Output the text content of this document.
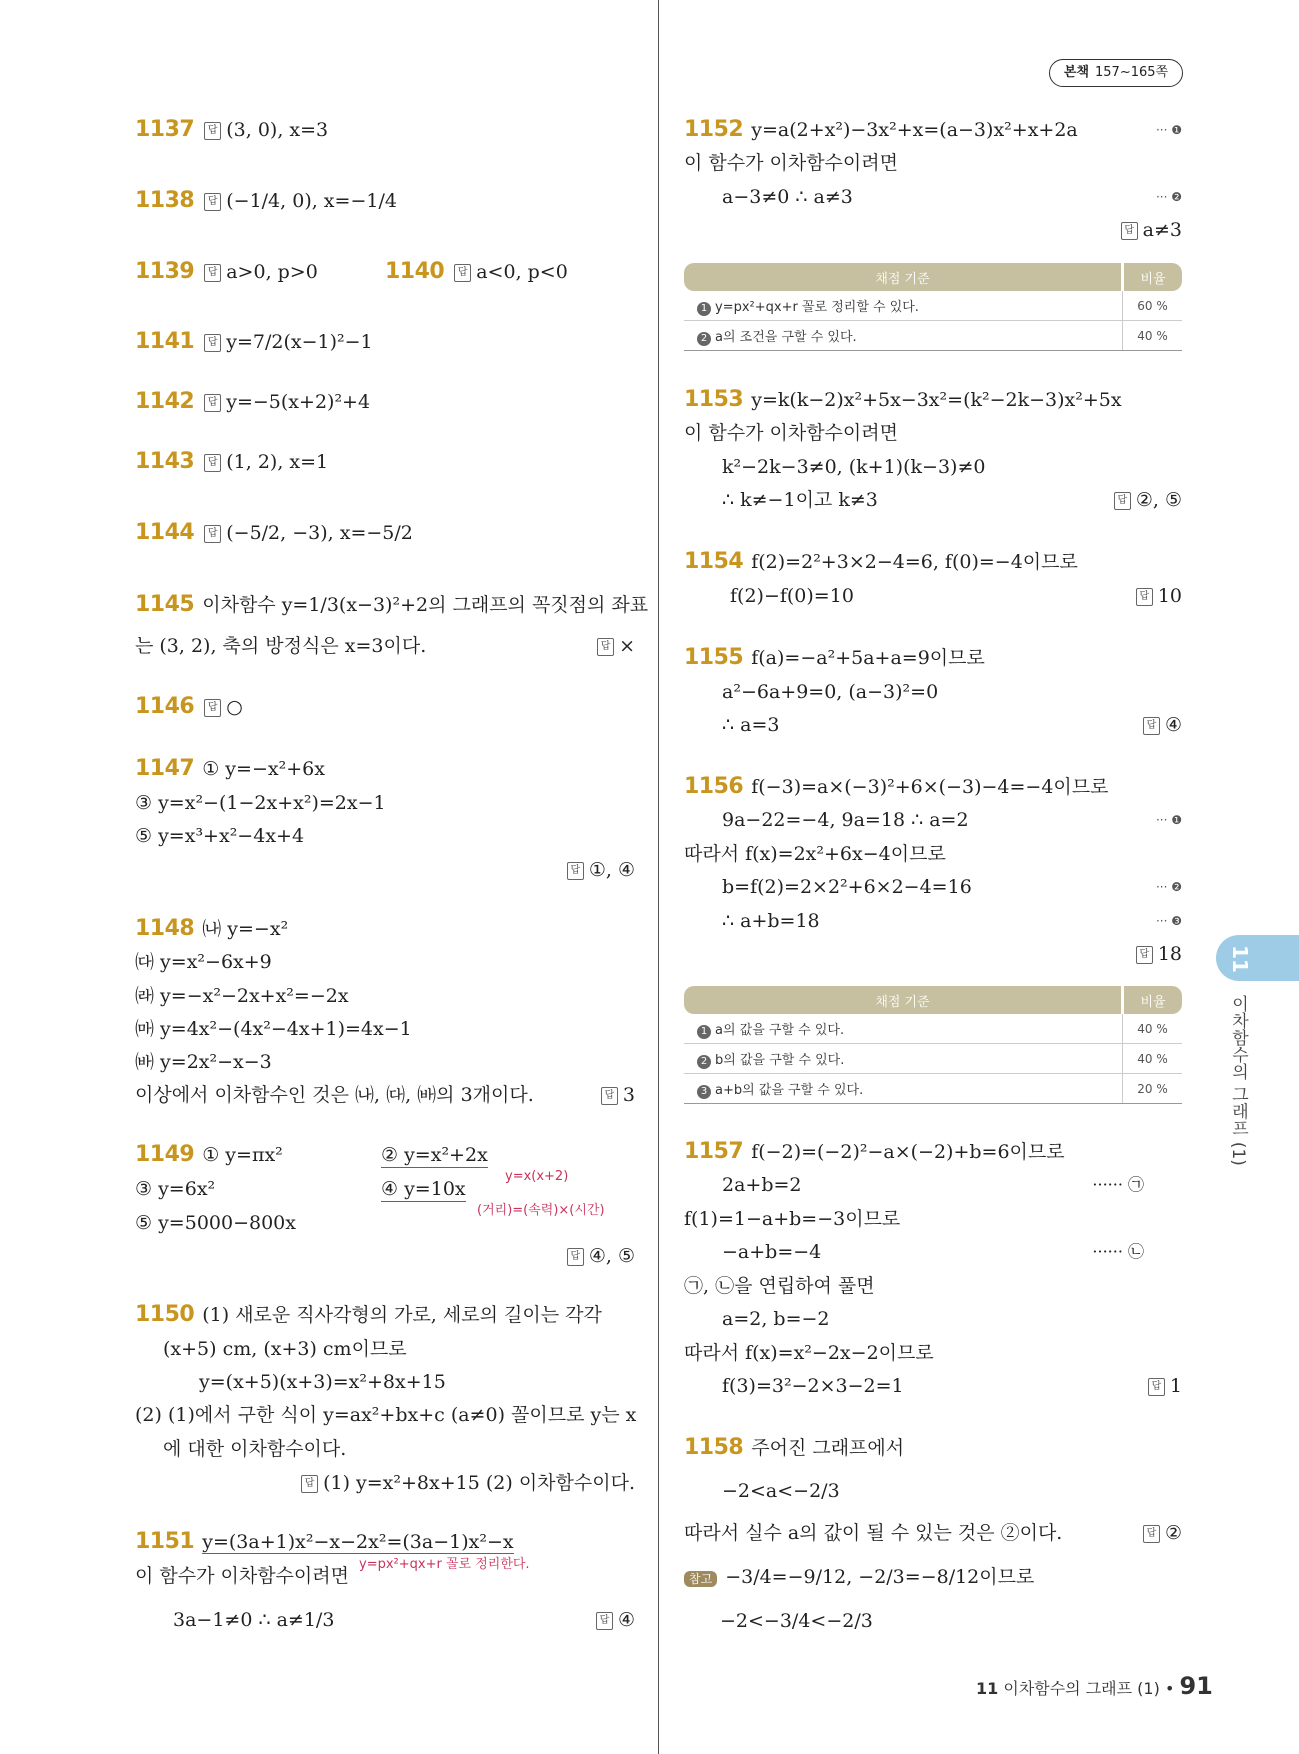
본책 157~165쪽
1137 답 (3, 0), x=3
1138 답 (−1/4, 0), x=−1/4
1139 답 a>0, p>0	1140 답 a<0, p<0
1141 답 y=7/2(x−1)²−1
1142 답 y=−5(x+2)²+4
1143 답 (1, 2), x=1
1144 답 (−5/2, −3), x=−5/2
1145 이차함수 y=1/3(x−3)²+2의 그래프의 꼭짓점의 좌표
는 (3, 2), 축의 방정식은 x=3이다.	답 ×
1146 답 ○
1147 ① y=−x²+6x
③ y=x²−(1−2x+x²)=2x−1
⑤ y=x³+x²−4x+4
답 ①, ④
1148 ㈏ y=−x²
㈐ y=x²−6x+9
㈑ y=−x²−2x+x²=−2x
㈒ y=4x²−(4x²−4x+1)=4x−1
㈓ y=2x²−x−3
이상에서 이차함수인 것은 ㈏, ㈐, ㈓의 3개이다.	답 3
1149 ① y=πx²	② y=x²+2x
y=x(x+2)
③ y=6x²	④ y=10x
(거리)=(속력)×(시간)
⑤ y=5000−800x
답 ④, ⑤
1150 (1) 새로운 직사각형의 가로, 세로의 길이는 각각
(x+5) cm, (x+3) cm이므로
y=(x+5)(x+3)=x²+8x+15
(2) (1)에서 구한 식이 y=ax²+bx+c (a≠0) 꼴이므로 y는 x
에 대한 이차함수이다.
답 (1) y=x²+8x+15 (2) 이차함수이다.
1151 y=(3a+1)x²−x−2x²=(3a−1)x²−x
y=px²+qx+r 꼴로 정리한다.
이 함수가 이차함수이려면
3a−1≠0 ∴ a≠1/3	답 ④
1152 y=a(2+x²)−3x²+x=(a−3)x²+x+2a	··· ❶
이 함수가 이차함수이려면
a−3≠0 ∴ a≠3	··· ❷
답 a≠3
채점 기준	비율
1 y=px²+qx+r 꼴로 정리할 수 있다.	60 %
2 a의 조건을 구할 수 있다.	40 %
1153 y=k(k−2)x²+5x−3x²=(k²−2k−3)x²+5x
이 함수가 이차함수이려면
k²−2k−3≠0, (k+1)(k−3)≠0
∴ k≠−1이고 k≠3	답 ②, ⑤
1154 f(2)=2²+3×2−4=6, f(0)=−4이므로
f(2)−f(0)=10	답 10
1155 f(a)=−a²+5a+a=9이므로
a²−6a+9=0, (a−3)²=0
∴ a=3	답 ④
1156 f(−3)=a×(−3)²+6×(−3)−4=−4이므로
9a−22=−4, 9a=18 ∴ a=2	··· ❶
따라서 f(x)=2x²+6x−4이므로
b=f(2)=2×2²+6×2−4=16	··· ❷
∴ a+b=18	··· ❸
답 18
채점 기준	비율
1 a의 값을 구할 수 있다.	40 %
2 b의 값을 구할 수 있다.	40 %
3 a+b의 값을 구할 수 있다.	20 %
1157 f(−2)=(−2)²−a×(−2)+b=6이므로
2a+b=2	······ ㉠
f(1)=1−a+b=−3이므로
−a+b=−4	······ ㉡
㉠, ㉡을 연립하여 풀면
a=2, b=−2
따라서 f(x)=x²−2x−2이므로
f(3)=3²−2×3−2=1	답 1
1158 주어진 그래프에서
−2<a<−2/3
따라서 실수 a의 값이 될 수 있는 것은 ②이다.	답 ②
참고 −3/4=−9/12, −2/3=−8/12이므로
−2<−3/4<−2/3
11
이차함수의 그래프 (1)
11 이차함수의 그래프 (1) • 91
